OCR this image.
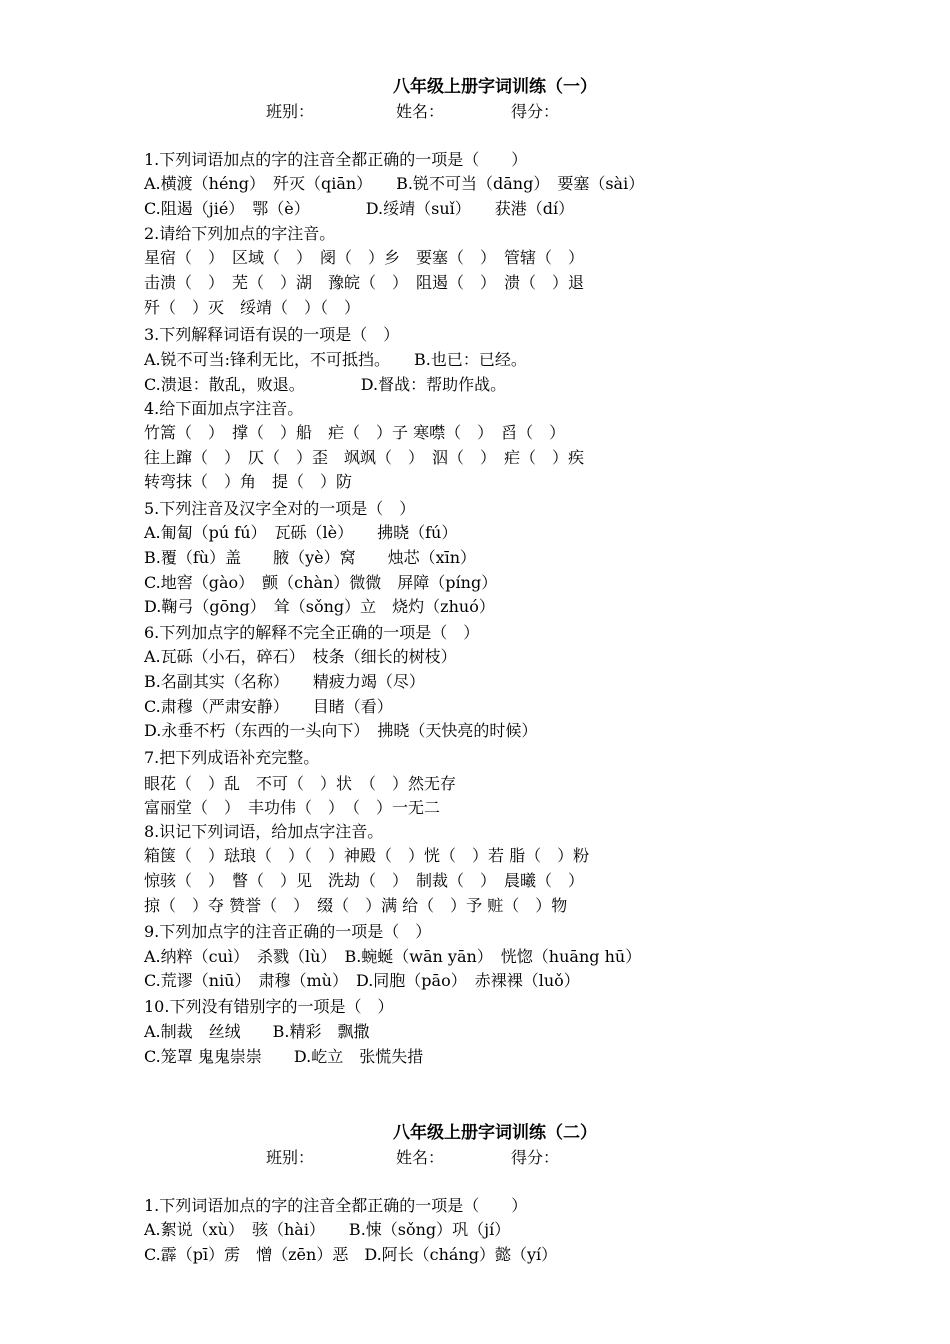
八年级上册字词训练（一）
班别：	姓名：	得分：
1.下列词语加点的字的注音全都正确的一项是（　　）
A.横渡（héng）　歼灭（qiān）　　B.锐不可当（dāng）　要塞（sài）
C.阻遏（jié）　鄂（è）　　　　D.绥靖（suǐ）　　获港（dí）
2.请给下列加点的字注音。
星宿（　）　区域（　）　阌（　）乡　要塞（　）　管辖（　）
击溃（　）　芜（　）湖　豫皖（　）　阻遏（　）　溃（　）退
歼（　）灭　绥靖（　）（　）
3.下列解释词语有误的一项是（　）
A.锐不可当:锋利无比，不可抵挡。　　B.也已：已经。
C.溃退：散乱，败退。　　　　D.督战：帮助作战。
4.给下面加点字注音。
竹篙（　）　撑（　）船　疟（　）子 寒噤（　）　舀（　）
往上蹿（　）　仄（　）歪　飒飒（　）　泅（　）　疟（　）疾
转弯抹（　）角　提（　）防
5.下列注音及汉字全对的一项是（　）
A.匍匐（pú fú）　瓦砾（lè）　　拂晓（fú）
B.覆（fù）盖　　腋（yè）窝　　烛芯（xīn）
C.地窖（gào）　颤（chàn）微微　屏障（píng）
D.鞠弓（gōng）　耸（sǒng）立　烧灼（zhuó）
6.下列加点字的解释不完全正确的一项是（　）
A.瓦砾（小石，碎石）　枝条（细长的树枝）
B.名副其实（名称）　　精疲力竭（尽）
C.肃穆（严肃安静）　　目睹（看）
D.永垂不朽（东西的一头向下）　拂晓（天快亮的时候）
7.把下列成语补充完整。
眼花（　）乱　不可（　）状　（　）然无存
富丽堂（　）　丰功伟（　）　（　）一无二
8.识记下列词语，给加点字注音。
箱箧（　）琺琅（　）（　）神殿（　）恍（　）若 脂（　）粉
惊骇（　）　瞥（　）见　洗劫（　）　制裁（　）　晨曦（　）
掠（　）夺 赞誉（　）　缀（　）满 给（　）予 赃（　）物
9.下列加点字的注音正确的一项是（　）
A.纳粹（cuì）　杀戮（lù）　B.蜿蜒（wān yān）　恍惚（huāng hū）
C.荒谬（niū）　肃穆（mù）　D.同胞（pāo）　赤裸裸（luǒ）
10.下列没有错别字的一项是（　）
A.制裁　丝绒　　B.精彩　飘撒
C.笼罩 鬼鬼崇崇　　D.屹立　张慌失措
八年级上册字词训练（二）
班别：	姓名：	得分：
1.下列词语加点的字的注音全都正确的一项是（　　）
A.絮说（xù）　骇（hài）　　B.悚（sǒng）巩（jí）
C.霹（pī）雳　憎（zēn）恶　D.阿长（cháng）懿（yí）
